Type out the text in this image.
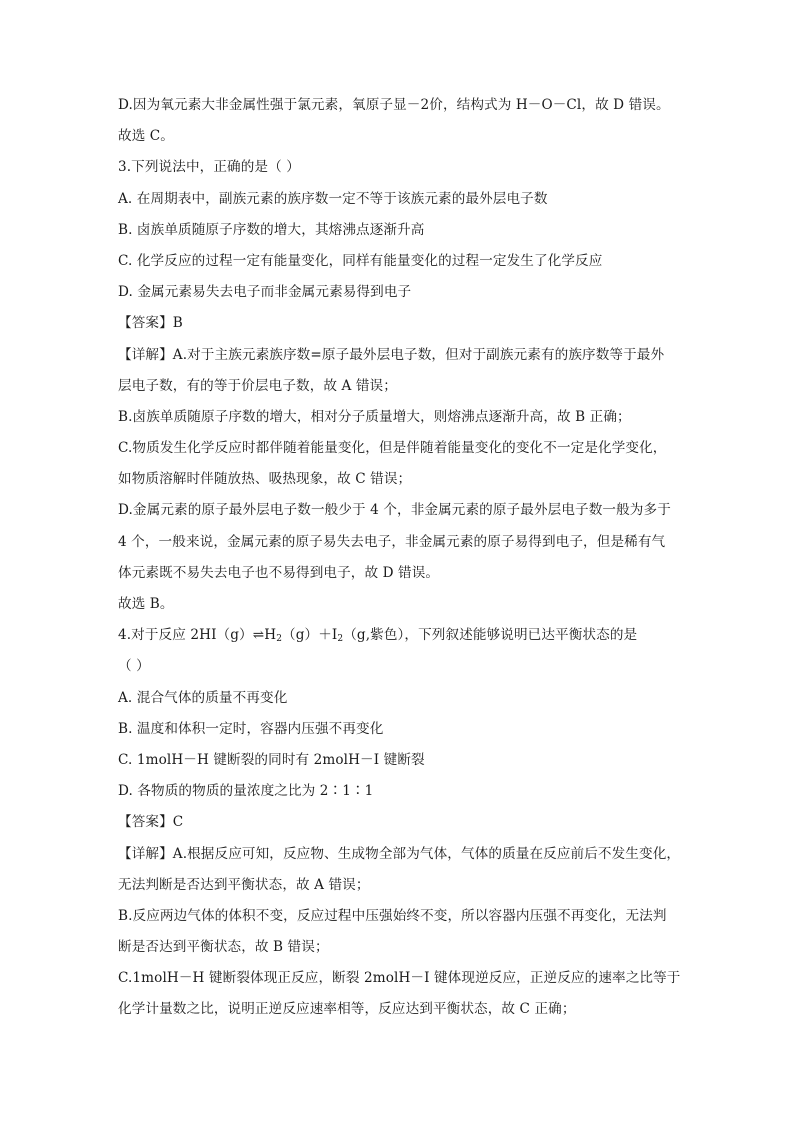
D.因为氧元素大非金属性强于氯元素，氧原子显－2价，结构式为 H－O－Cl，故 D 错误。
故选 C。
3.下列说法中，正确的是（ ）
A. 在周期表中，副族元素的族序数一定不等于该族元素的最外层电子数
B. 卤族单质随原子序数的增大，其熔沸点逐渐升高
C. 化学反应的过程一定有能量变化，同样有能量变化的过程一定发生了化学反应
D. 金属元素易失去电子而非金属元素易得到电子
【答案】B
【详解】A.对于主族元素族序数=原子最外层电子数，但对于副族元素有的族序数等于最外
层电子数，有的等于价层电子数，故 A 错误；
B.卤族单质随原子序数的增大，相对分子质量增大，则熔沸点逐渐升高，故 B 正确；
C.物质发生化学反应时都伴随着能量变化，但是伴随着能量变化的变化不一定是化学变化，
如物质溶解时伴随放热、吸热现象，故 C 错误；
D.金属元素的原子最外层电子数一般少于 4 个，非金属元素的原子最外层电子数一般为多于
4 个，一般来说，金属元素的原子易失去电子，非金属元素的原子易得到电子，但是稀有气
体元素既不易失去电子也不易得到电子，故 D 错误。
故选 B。
4.对于反应 $2HI(g)\rightleftharpoons H_2(g)+I_2(g$,紫色），下列叙述能够说明已达平衡状态的是
（ ）
A. 混合气体的质量不再变化
B. 温度和体积一定时，容器内压强不再变化
C. 1molH－H 键断裂的同时有 2molH－I 键断裂
D. 各物质的物质的量浓度之比为 2∶1∶1
【答案】C
【详解】A.根据反应可知，反应物、生成物全部为气体，气体的质量在反应前后不发生变化，
无法判断是否达到平衡状态，故 A 错误；
B.反应两边气体的体积不变，反应过程中压强始终不变，所以容器内压强不再变化，无法判
断是否达到平衡状态，故 B 错误；
C.1molH－H 键断裂体现正反应，断裂 2molH－I 键体现逆反应，正逆反应的速率之比等于
化学计量数之比，说明正逆反应速率相等，反应达到平衡状态，故 C 正确；
